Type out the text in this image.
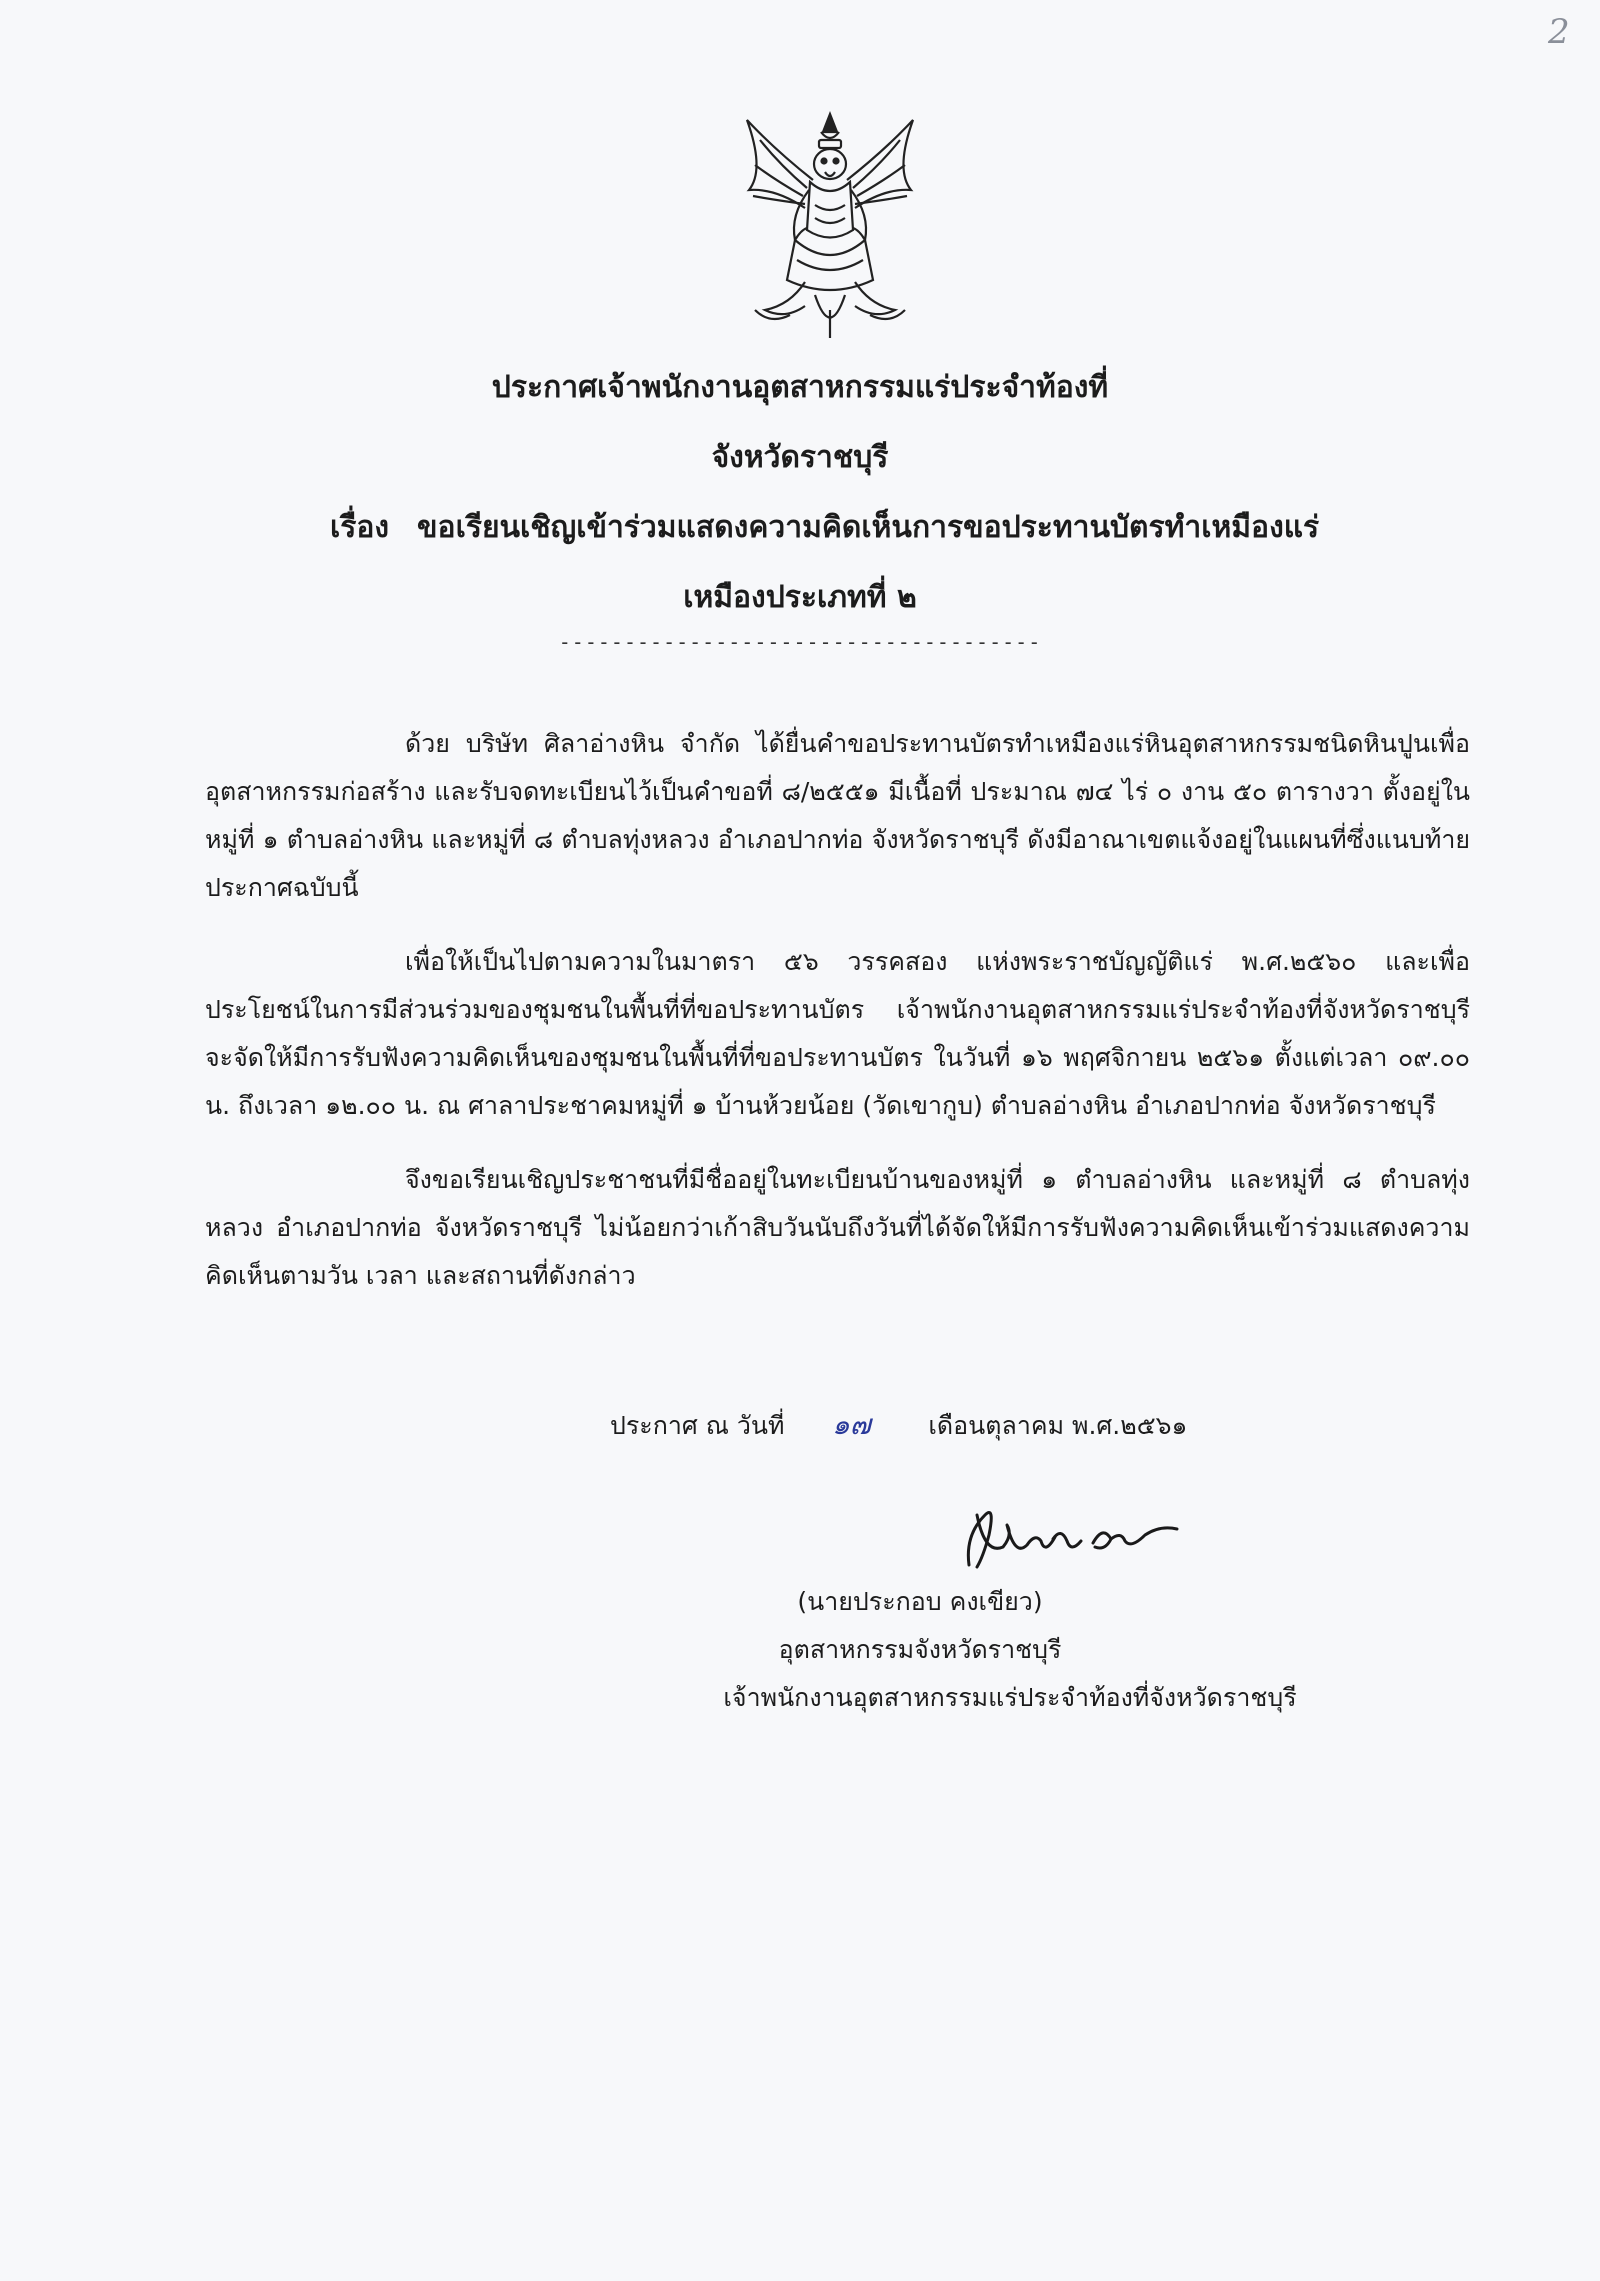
2
ประกาศเจ้าพนักงานอุตสาหกรรมแร่ประจำท้องที่
จังหวัดราชบุรี
เรื่อง ขอเรียนเชิญเข้าร่วมแสดงความคิดเห็นการขอประทานบัตรทำเหมืองแร่
เหมืองประเภทที่ ๒
-------------------------------------

ด้วย บริษัท ศิลาอ่างหิน จำกัด ได้ยื่นคำขอประทานบัตรทำเหมืองแร่หินอุตสาหกรรมชนิดหินปูนเพื่ออุตสาหกรรมก่อสร้าง และรับจดทะเบียนไว้เป็นคำขอที่ ๘/๒๕๕๑ มีเนื้อที่ ประมาณ ๗๔ ไร่ ๐ งาน ๕๐ ตารางวา ตั้งอยู่ในหมู่ที่ ๑ ตำบลอ่างหิน และหมู่ที่ ๘ ตำบลทุ่งหลวง อำเภอปากท่อ จังหวัดราชบุรี ดังมีอาณาเขตแจ้งอยู่ในแผนที่ซึ่งแนบท้ายประกาศฉบับนี้

เพื่อให้เป็นไปตามความในมาตรา ๕๖ วรรคสอง แห่งพระราชบัญญัติแร่ พ.ศ.๒๕๖๐ และเพื่อประโยชน์ในการมีส่วนร่วมของชุมชนในพื้นที่ที่ขอประทานบัตร เจ้าพนักงานอุตสาหกรรมแร่ประจำท้องที่จังหวัดราชบุรี จะจัดให้มีการรับฟังความคิดเห็นของชุมชนในพื้นที่ที่ขอประทานบัตร ในวันที่ ๑๖ พฤศจิกายน ๒๕๖๑ ตั้งแต่เวลา ๐๙.๐๐ น. ถึงเวลา ๑๒.๐๐ น. ณ ศาลาประชาคมหมู่ที่ ๑ บ้านห้วยน้อย (วัดเขากูบ) ตำบลอ่างหิน อำเภอปากท่อ จังหวัดราชบุรี

จึงขอเรียนเชิญประชาชนที่มีชื่ออยู่ในทะเบียนบ้านของหมู่ที่ ๑ ตำบลอ่างหิน และหมู่ที่ ๘ ตำบลทุ่งหลวง อำเภอปากท่อ จังหวัดราชบุรี ไม่น้อยกว่าเก้าสิบวันนับถึงวันที่ได้จัดให้มีการรับฟังความคิดเห็นเข้าร่วมแสดงความคิดเห็นตามวัน เวลา และสถานที่ดังกล่าว

ประกาศ ณ วันที่ ๑๗ เดือนตุลาคม พ.ศ.๒๕๖๑
(นายประกอบ คงเขียว)
อุตสาหกรรมจังหวัดราชบุรี
เจ้าพนักงานอุตสาหกรรมแร่ประจำท้องที่จังหวัดราชบุรี
